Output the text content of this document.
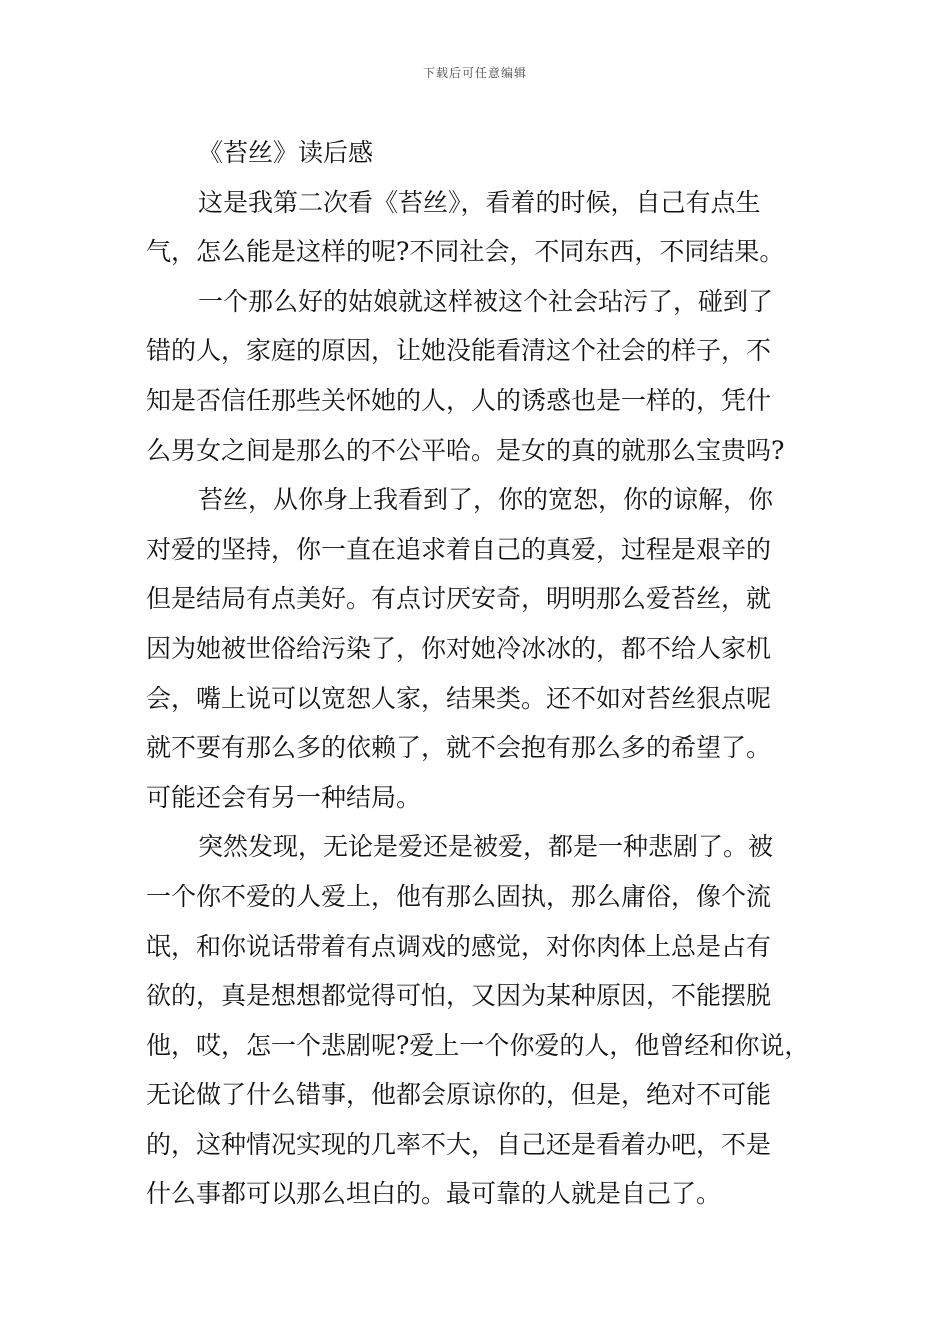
下载后可任意编辑
《苔丝》读后感
这是我第二次看《苔丝》，看着的时候，自己有点生
气，怎么能是这样的呢?不同社会，不同东西，不同结果。
一个那么好的姑娘就这样被这个社会玷污了，碰到了
错的人，家庭的原因，让她没能看清这个社会的样子，不
知是否信任那些关怀她的人，人的诱惑也是一样的，凭什
么男女之间是那么的不公平哈。是女的真的就那么宝贵吗?
苔丝，从你身上我看到了，你的宽恕，你的谅解，你
对爱的坚持，你一直在追求着自己的真爱，过程是艰辛的
但是结局有点美好。有点讨厌安奇，明明那么爱苔丝，就
因为她被世俗给污染了，你对她冷冰冰的，都不给人家机
会，嘴上说可以宽恕人家，结果类。还不如对苔丝狠点呢
就不要有那么多的依赖了，就不会抱有那么多的希望了。
可能还会有另一种结局。
突然发现，无论是爱还是被爱，都是一种悲剧了。被
一个你不爱的人爱上，他有那么固执，那么庸俗，像个流
氓，和你说话带着有点调戏的感觉，对你肉体上总是占有
欲的，真是想想都觉得可怕，又因为某种原因，不能摆脱
他，哎，怎一个悲剧呢?爱上一个你爱的人，他曾经和你说，
无论做了什么错事，他都会原谅你的，但是，绝对不可能
的，这种情况实现的几率不大，自己还是看着办吧，不是
什么事都可以那么坦白的。最可靠的人就是自己了。
